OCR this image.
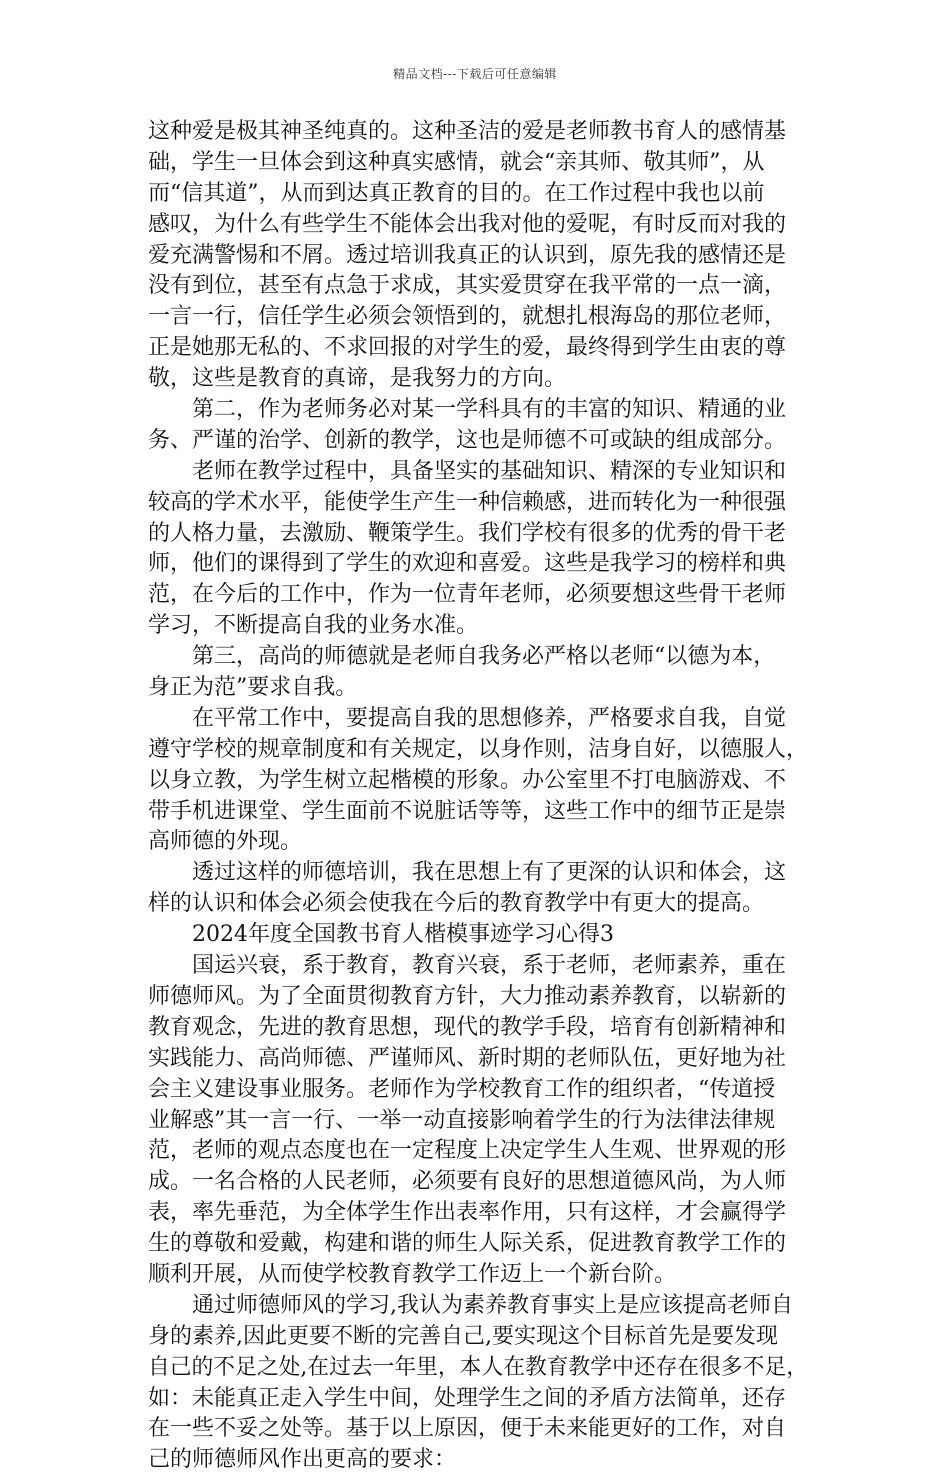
精品文档---下载后可任意编辑
这种爱是极其神圣纯真的。这种圣洁的爱是老师教书育人的感情基
础，学生一旦体会到这种真实感情，就会“亲其师、敬其师”，从
而“信其道”，从而到达真正教育的目的。在工作过程中我也以前
感叹，为什么有些学生不能体会出我对他的爱呢，有时反而对我的
爱充满警惕和不屑。透过培训我真正的认识到，原先我的感情还是
没有到位，甚至有点急于求成，其实爱贯穿在我平常的一点一滴，
一言一行，信任学生必须会领悟到的，就想扎根海岛的那位老师，
正是她那无私的、不求回报的对学生的爱，最终得到学生由衷的尊
敬，这些是教育的真谛，是我努力的方向。
第二，作为老师务必对某一学科具有的丰富的知识、精通的业
务、严谨的治学、创新的教学，这也是师德不可或缺的组成部分。
老师在教学过程中，具备坚实的基础知识、精深的专业知识和
较高的学术水平，能使学生产生一种信赖感，进而转化为一种很强
的人格力量，去激励、鞭策学生。我们学校有很多的优秀的骨干老
师，他们的课得到了学生的欢迎和喜爱。这些是我学习的榜样和典
范，在今后的工作中，作为一位青年老师，必须要想这些骨干老师
学习，不断提高自我的业务水准。
第三，高尚的师德就是老师自我务必严格以老师“以德为本，
身正为范”要求自我。
在平常工作中，要提高自我的思想修养，严格要求自我，自觉
遵守学校的规章制度和有关规定，以身作则，洁身自好，以德服人，
以身立教，为学生树立起楷模的形象。办公室里不打电脑游戏、不
带手机进课堂、学生面前不说脏话等等，这些工作中的细节正是崇
高师德的外现。
透过这样的师德培训，我在思想上有了更深的认识和体会，这
样的认识和体会必须会使我在今后的教育教学中有更大的提高。
2024年度全国教书育人楷模事迹学习心得3
国运兴衰，系于教育，教育兴衰，系于老师，老师素养，重在
师德师风。为了全面贯彻教育方针，大力推动素养教育，以崭新的
教育观念，先进的教育思想，现代的教学手段，培育有创新精神和
实践能力、高尚师德、严谨师风、新时期的老师队伍，更好地为社
会主义建设事业服务。老师作为学校教育工作的组织者，“传道授
业解惑”其一言一行、一举一动直接影响着学生的行为法律法律规
范，老师的观点态度也在一定程度上决定学生人生观、世界观的形
成。一名合格的人民老师，必须要有良好的思想道德风尚，为人师
表，率先垂范，为全体学生作出表率作用，只有这样，才会赢得学
生的尊敬和爱戴，构建和谐的师生人际关系，促进教育教学工作的
顺利开展，从而使学校教育教学工作迈上一个新台阶。
通过师德师风的学习,我认为素养教育事实上是应该提高老师自
身的素养,因此更要不断的完善自己,要实现这个目标首先是要发现
自己的不足之处,在过去一年里，本人在教育教学中还存在很多不足，
如：未能真正走入学生中间，处理学生之间的矛盾方法简单，还存
在一些不妥之处等。基于以上原因，便于未来能更好的工作，对自
己的师德师风作出更高的要求：
